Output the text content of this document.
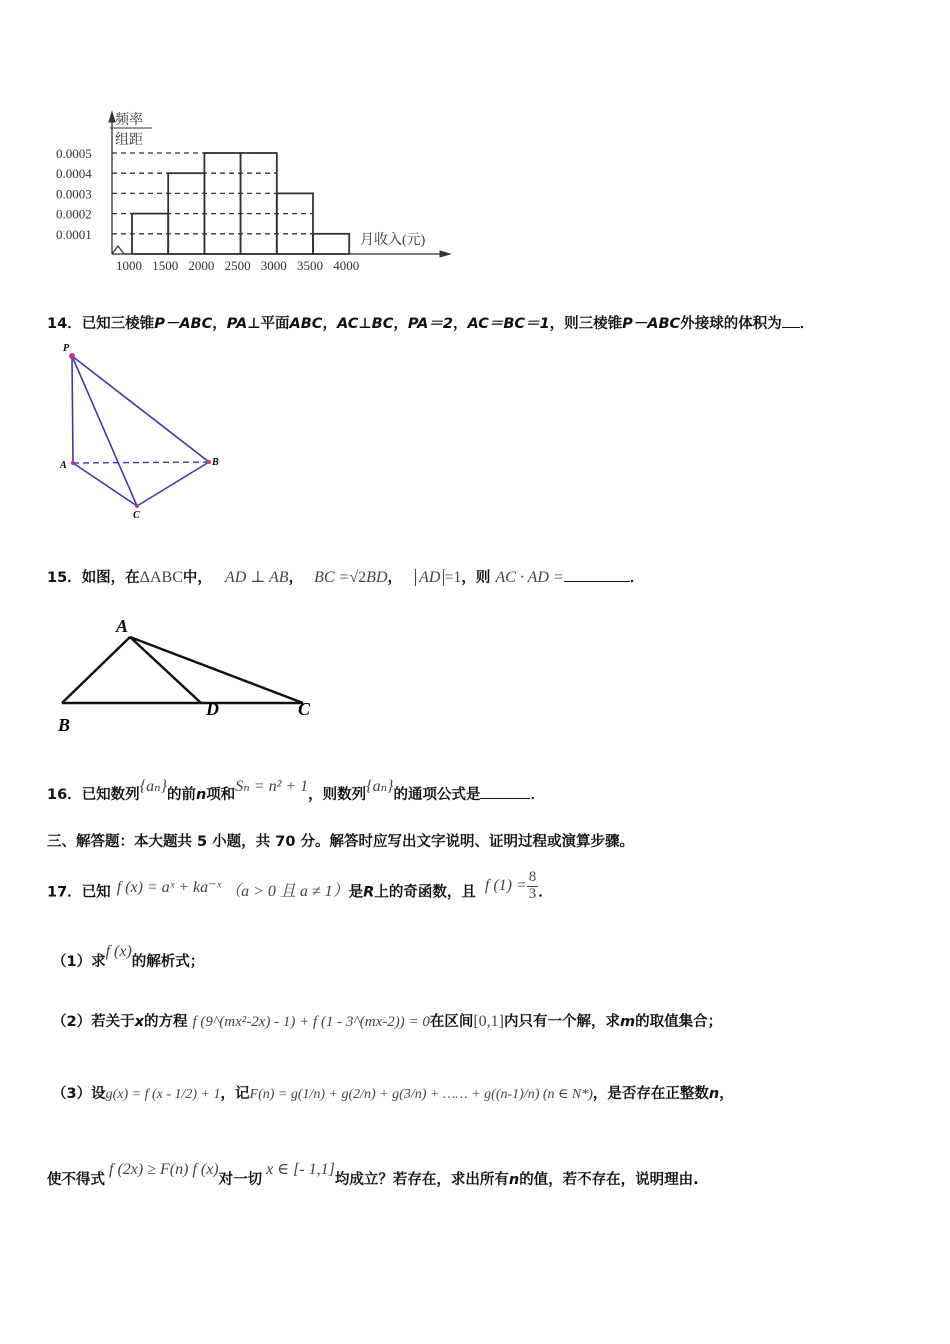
0.0001
0.0002
0.0003
0.0004
0.0005
1000 1500 2000 2500 3000 3500 4000
频率
组距
月收入(元)
14．已知三棱锥P－ABC，PA⊥平面ABC，AC⊥BC，PA＝2，AC＝BC＝1，则三棱锥P－ABC外接球的体积为 ．
P
A	B
C
15．如图，在ΔABC中， AD ⊥ AB， BC =√2BD， AD =1，则 AC · AD =	．
A
B
D	C
16．已知数列{aₙ}的前n项和Sₙ = n² + 1，则数列{aₙ}的通项公式是	．
三、解答题：本大题共 5 小题，共 70 分。解答时应写出文字说明、证明过程或演算步骤。
17．已知 f (x) = aˣ + ka⁻ˣ （a > 0 且 a ≠ 1）是R上的奇函数，且 f $(1) = \frac{8}{3}$ ．
（1）求f (x)的解析式；
（2）若关于x的方程 f (9^(mx²-2x) - 1) + f (1 - 3^(mx-2)) = 0在区间[0,1]内只有一个解，求m的取值集合；
（3）设g(x) = f (x - 1/2) + 1，记F(n) = g(1/n) + g(2/n) + g(3/n) + …… + g((n-1)/n) (n ∈ N*)，是否存在正整数n，
使不得式f (2x) ≥ F(n) f (x)对一切x ∈ [- 1,1]均成立？若存在，求出所有n的值，若不存在，说明理由.
